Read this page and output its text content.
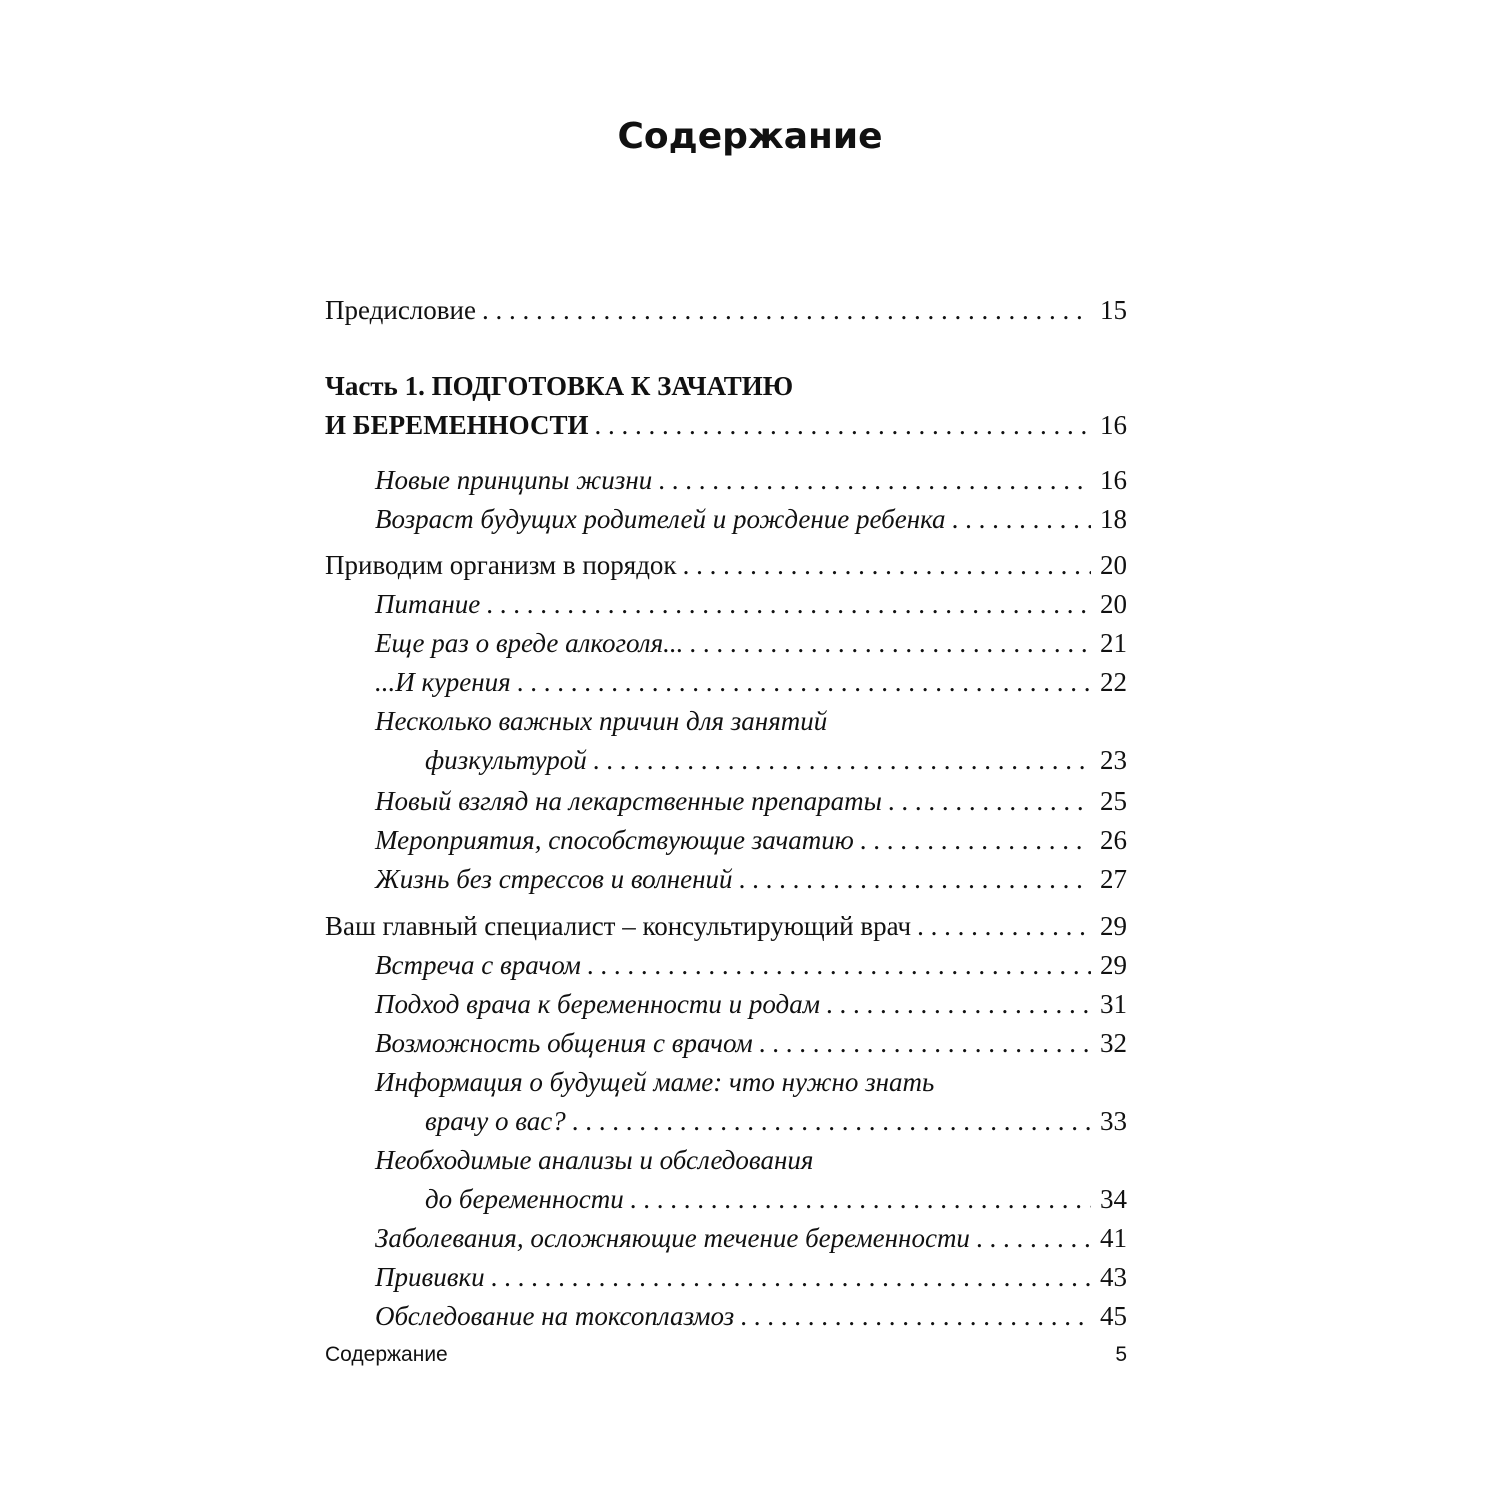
Содержание
Предисловие . . .	15
Часть 1. ПОДГОТОВКА К ЗАЧАТИЮ
И БЕРЕМЕННОСТИ . . .	16
Новые принципы жизни . . .	16
Возраст будущих родителей и рождение ребенка . . .	18
Приводим организм в порядок . . .	20
Питание . . .	20
Еще раз о вреде алкоголя... . . .	21
...И курения . . .	22
Несколько важных причин для занятий
физкультурой . . .	23
Новый взгляд на лекарственные препараты . . .	25
Мероприятия, способствующие зачатию . . .	26
Жизнь без стрессов и волнений . . .	27
Ваш главный специалист – консультирующий врач . . .	29
Встреча с врачом . . .	29
Подход врача к беременности и родам . . .	31
Возможность общения с врачом . . .	32
Информация о будущей маме: что нужно знать
врачу о вас? . . .	33
Необходимые анализы и обследования
до беременности . . .	34
Заболевания, осложняющие течение беременности . . .	41
Прививки . . .	43
Обследование на токсоплазмоз . . .	45
Содержание	5
